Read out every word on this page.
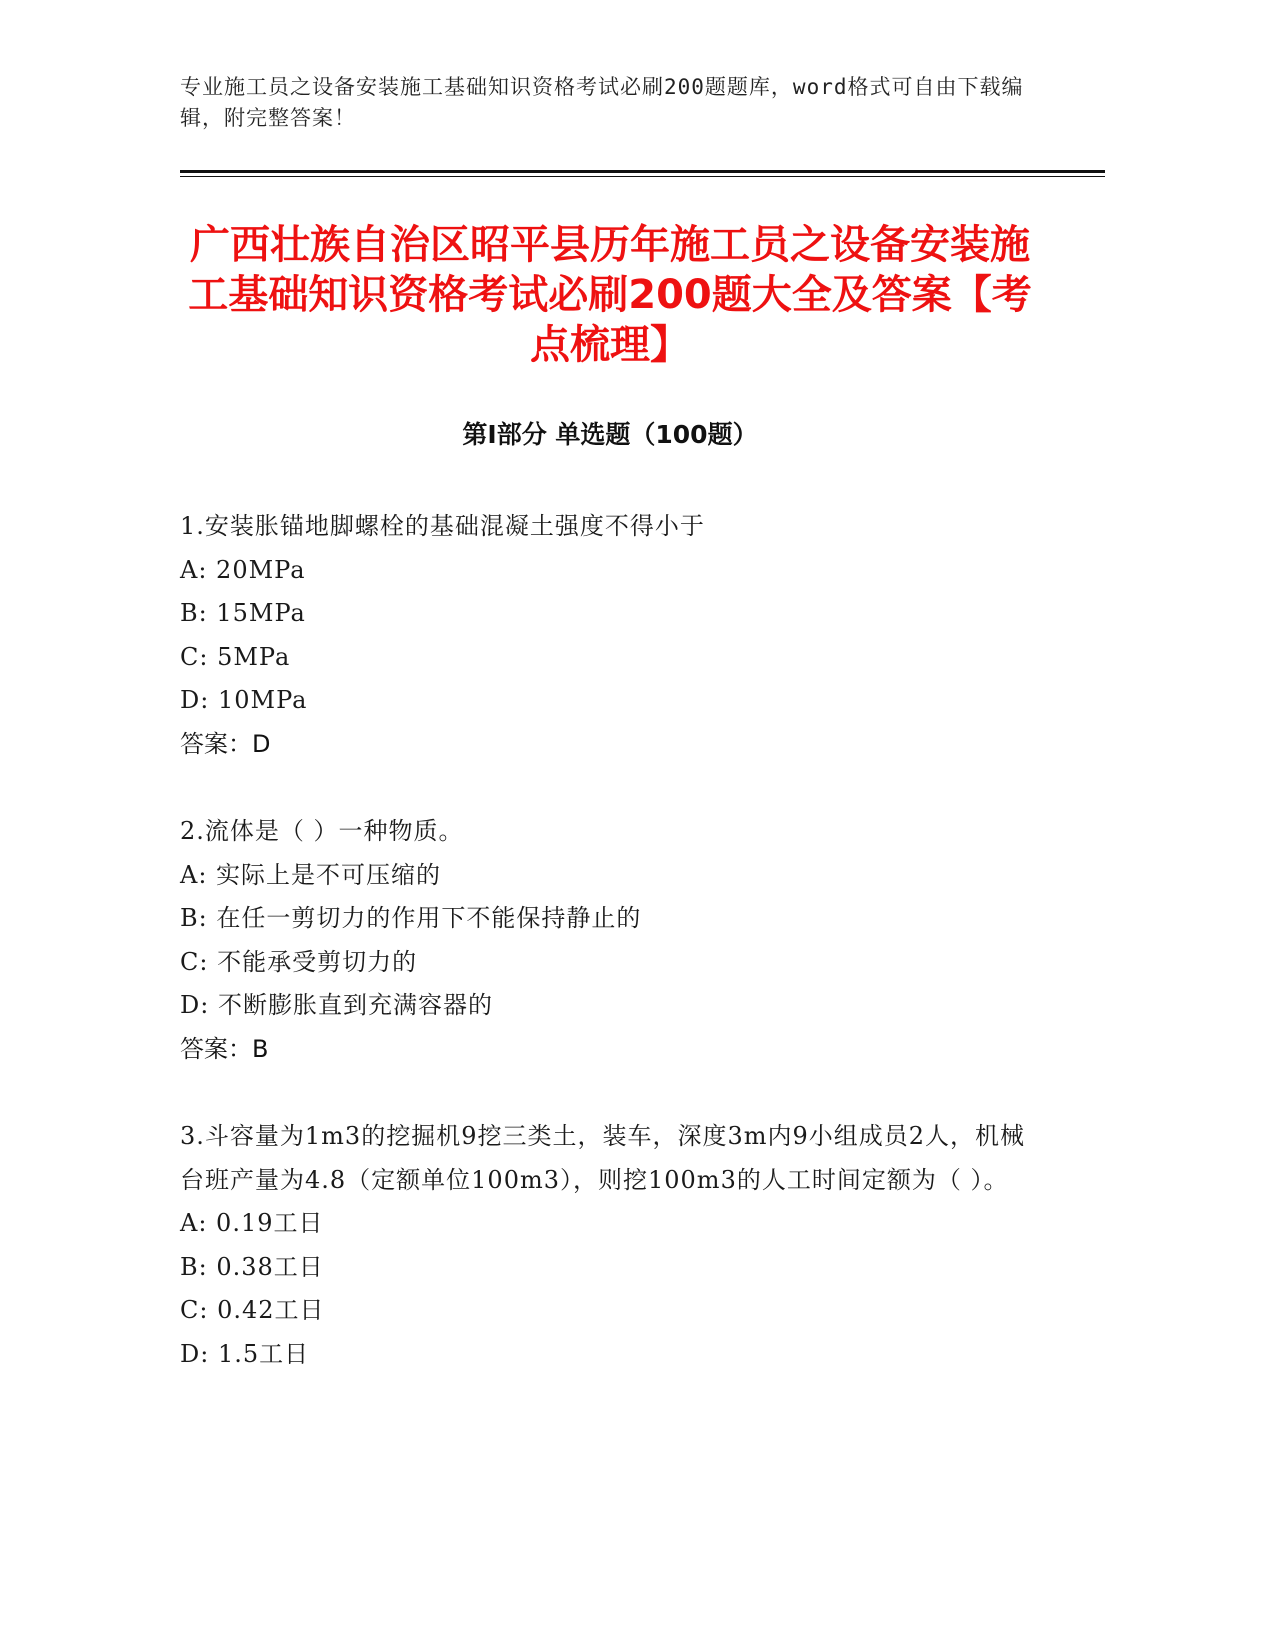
专业施工员之设备安装施工基础知识资格考试必刷200题题库，word格式可自由下载编辑，附完整答案！
广西壮族自治区昭平县历年施工员之设备安装施工基础知识资格考试必刷200题大全及答案【考点梳理】
第Ⅰ部分 单选题（100题）
1.安装胀锚地脚螺栓的基础混凝土强度不得小于
A: 20MPa
B: 15MPa
C: 5MPa
D: 10MPa
答案：D
2.流体是（ ）一种物质。
A: 实际上是不可压缩的
B: 在任一剪切力的作用下不能保持静止的
C: 不能承受剪切力的
D: 不断膨胀直到充满容器的
答案：B
3.斗容量为1m3的挖掘机9挖三类土，装车，深度3m内9小组成员2人，机械台班产量为4.8（定额单位100m3），则挖100m3的人工时间定额为（ ）。
A: 0.19工日
B: 0.38工日
C: 0.42工日
D: 1.5工日
